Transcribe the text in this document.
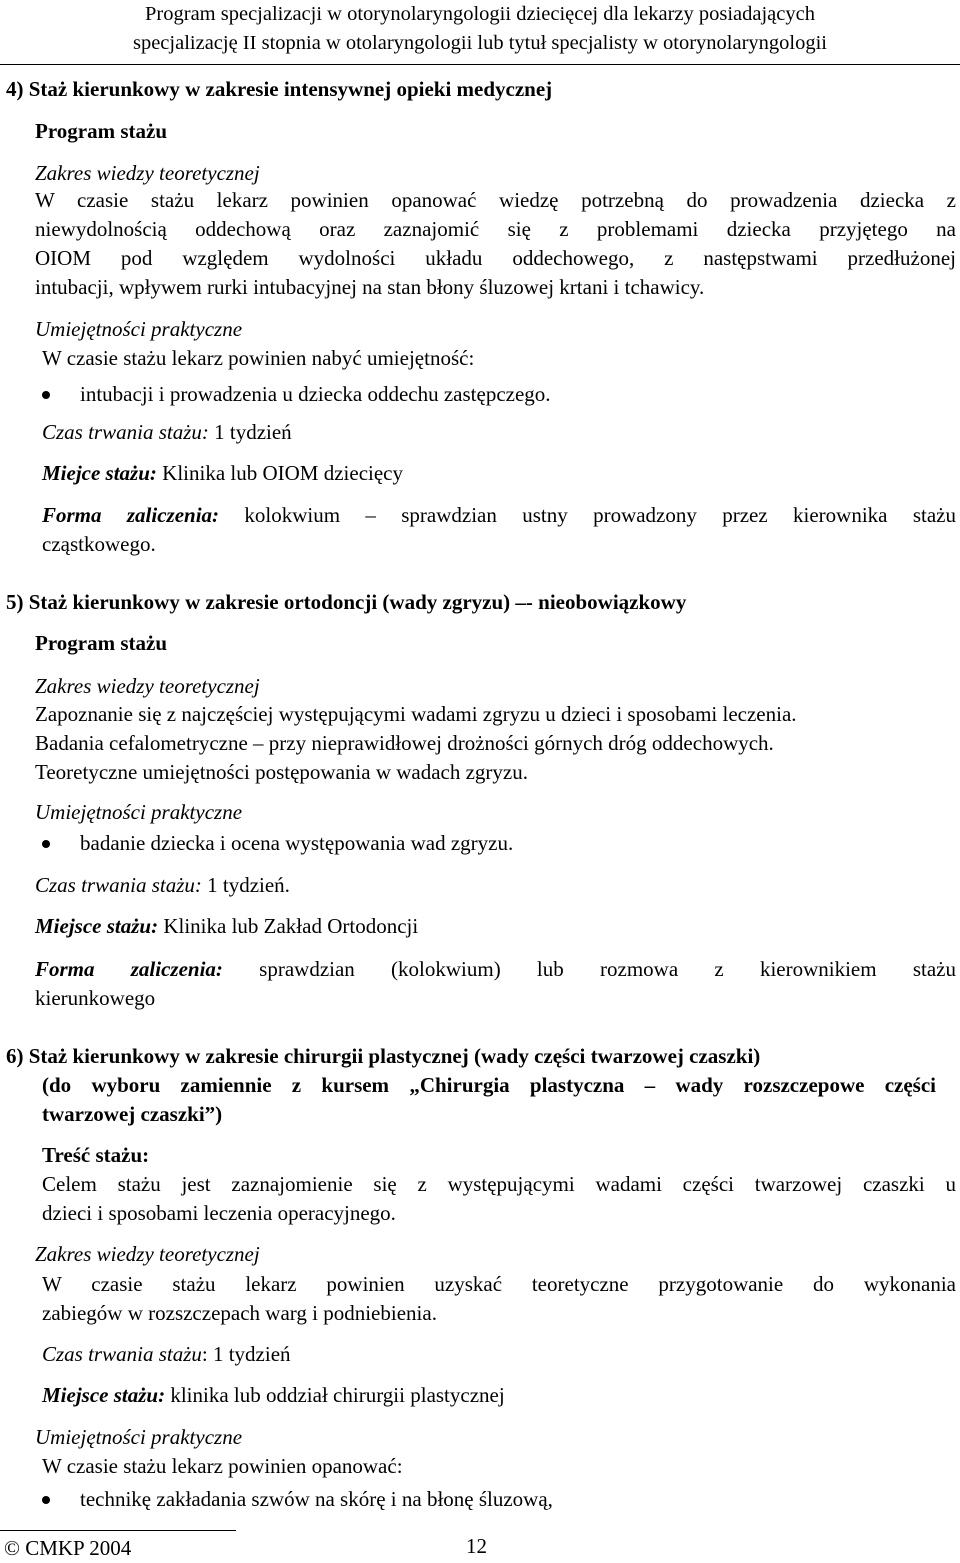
Program specjalizacji w otorynolaryngologii dziecięcej dla lekarzy posiadających
specjalizację II stopnia w otolaryngologii lub tytuł specjalisty w otorynolaryngologii
4) Staż kierunkowy w zakresie intensywnej opieki medycznej
Program stażu
Zakres wiedzy teoretycznej
W czasie stażu lekarz powinien opanować wiedzę potrzebną do prowadzenia dziecka z
niewydolnością oddechową oraz zaznajomić się z problemami dziecka przyjętego na
OIOM pod względem wydolności układu oddechowego, z następstwami przedłużonej
intubacji, wpływem rurki intubacyjnej na stan błony śluzowej krtani i tchawicy.
Umiejętności praktyczne
W czasie stażu lekarz powinien nabyć umiejętność:
intubacji i prowadzenia u dziecka oddechu zastępczego.
Czas trwania stażu: 1 tydzień
Miejce stażu: Klinika lub OIOM dziecięcy
Forma zaliczenia: kolokwium – sprawdzian ustny prowadzony przez kierownika stażu
cząstkowego.
5) Staż kierunkowy w zakresie ortodoncji (wady zgryzu) –- nieobowiązkowy
Program stażu
Zakres wiedzy teoretycznej
Zapoznanie się z najczęściej występującymi wadami zgryzu u dzieci i sposobami leczenia.
Badania cefalometryczne – przy nieprawidłowej drożności górnych dróg oddechowych.
Teoretyczne umiejętności postępowania w wadach zgryzu.
Umiejętności praktyczne
badanie dziecka i ocena występowania wad zgryzu.
Czas trwania stażu: 1 tydzień.
Miejsce stażu: Klinika lub Zakład Ortodoncji
Forma zaliczenia: sprawdzian (kolokwium) lub rozmowa z kierownikiem stażu
kierunkowego
6) Staż kierunkowy w zakresie chirurgii plastycznej (wady części twarzowej czaszki)
(do wyboru zamiennie z kursem „Chirurgia plastyczna – wady rozszczepowe części
twarzowej czaszki”)
Treść stażu:
Celem stażu jest zaznajomienie się z występującymi wadami części twarzowej czaszki u
dzieci i sposobami leczenia operacyjnego.
Zakres wiedzy teoretycznej
W czasie stażu lekarz powinien uzyskać teoretyczne przygotowanie do wykonania
zabiegów w rozszczepach warg i podniebienia.
Czas trwania stażu: 1 tydzień
Miejsce stażu: klinika lub oddział chirurgii plastycznej
Umiejętności praktyczne
W czasie stażu lekarz powinien opanować:
technikę zakładania szwów na skórę i na błonę śluzową,
© CMKP 2004	12
